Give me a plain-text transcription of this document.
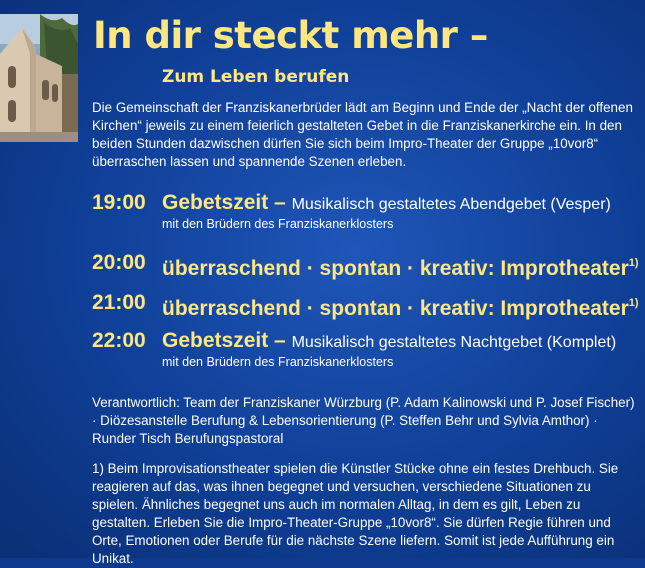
In dir steckt mehr –
Zum Leben berufen

Die Gemeinschaft der Franziskanerbrüder lädt am Beginn und Ende der „Nacht der offenen Kirchen“ jeweils zu einem feierlich gestalteten Gebet in die Franziskanerkirche ein. In den beiden Stunden dazwischen dürfen Sie sich beim Impro-Theater der Gruppe „10vor8“ überraschen lassen und spannende Szenen erleben.

19:00 Gebetszeit – Musikalisch gestaltetes Abendgebet (Vesper)
mit den Brüdern des Franziskanerklosters
20:00 überraschend · spontan · kreativ: Improtheater$^{1)}$
21:00 überraschend · spontan · kreativ: Improtheater$^{1)}$
22:00 Gebetszeit – Musikalisch gestaltetes Nachtgebet (Komplet)
mit den Brüdern des Franziskanerklosters

Verantwortlich: Team der Franziskaner Würzburg (P. Adam Kalinowski und P. Josef Fischer) · Diözesanstelle Berufung & Lebensorientierung (P. Steffen Behr und Sylvia Amthor) · Runder Tisch Berufungspastoral

1) Beim Improvisationstheater spielen die Künstler Stücke ohne ein festes Drehbuch. Sie reagieren auf das, was ihnen begegnet und versuchen, verschiedene Situationen zu spielen. Ähnliches begegnet uns auch im normalen Alltag, in dem es gilt, Leben zu gestalten. Erleben Sie die Impro-Theater-Gruppe „10vor8“. Sie dürfen Regie führen und Orte, Emotionen oder Berufe für die nächste Szene liefern. Somit ist jede Aufführung ein Unikat.
